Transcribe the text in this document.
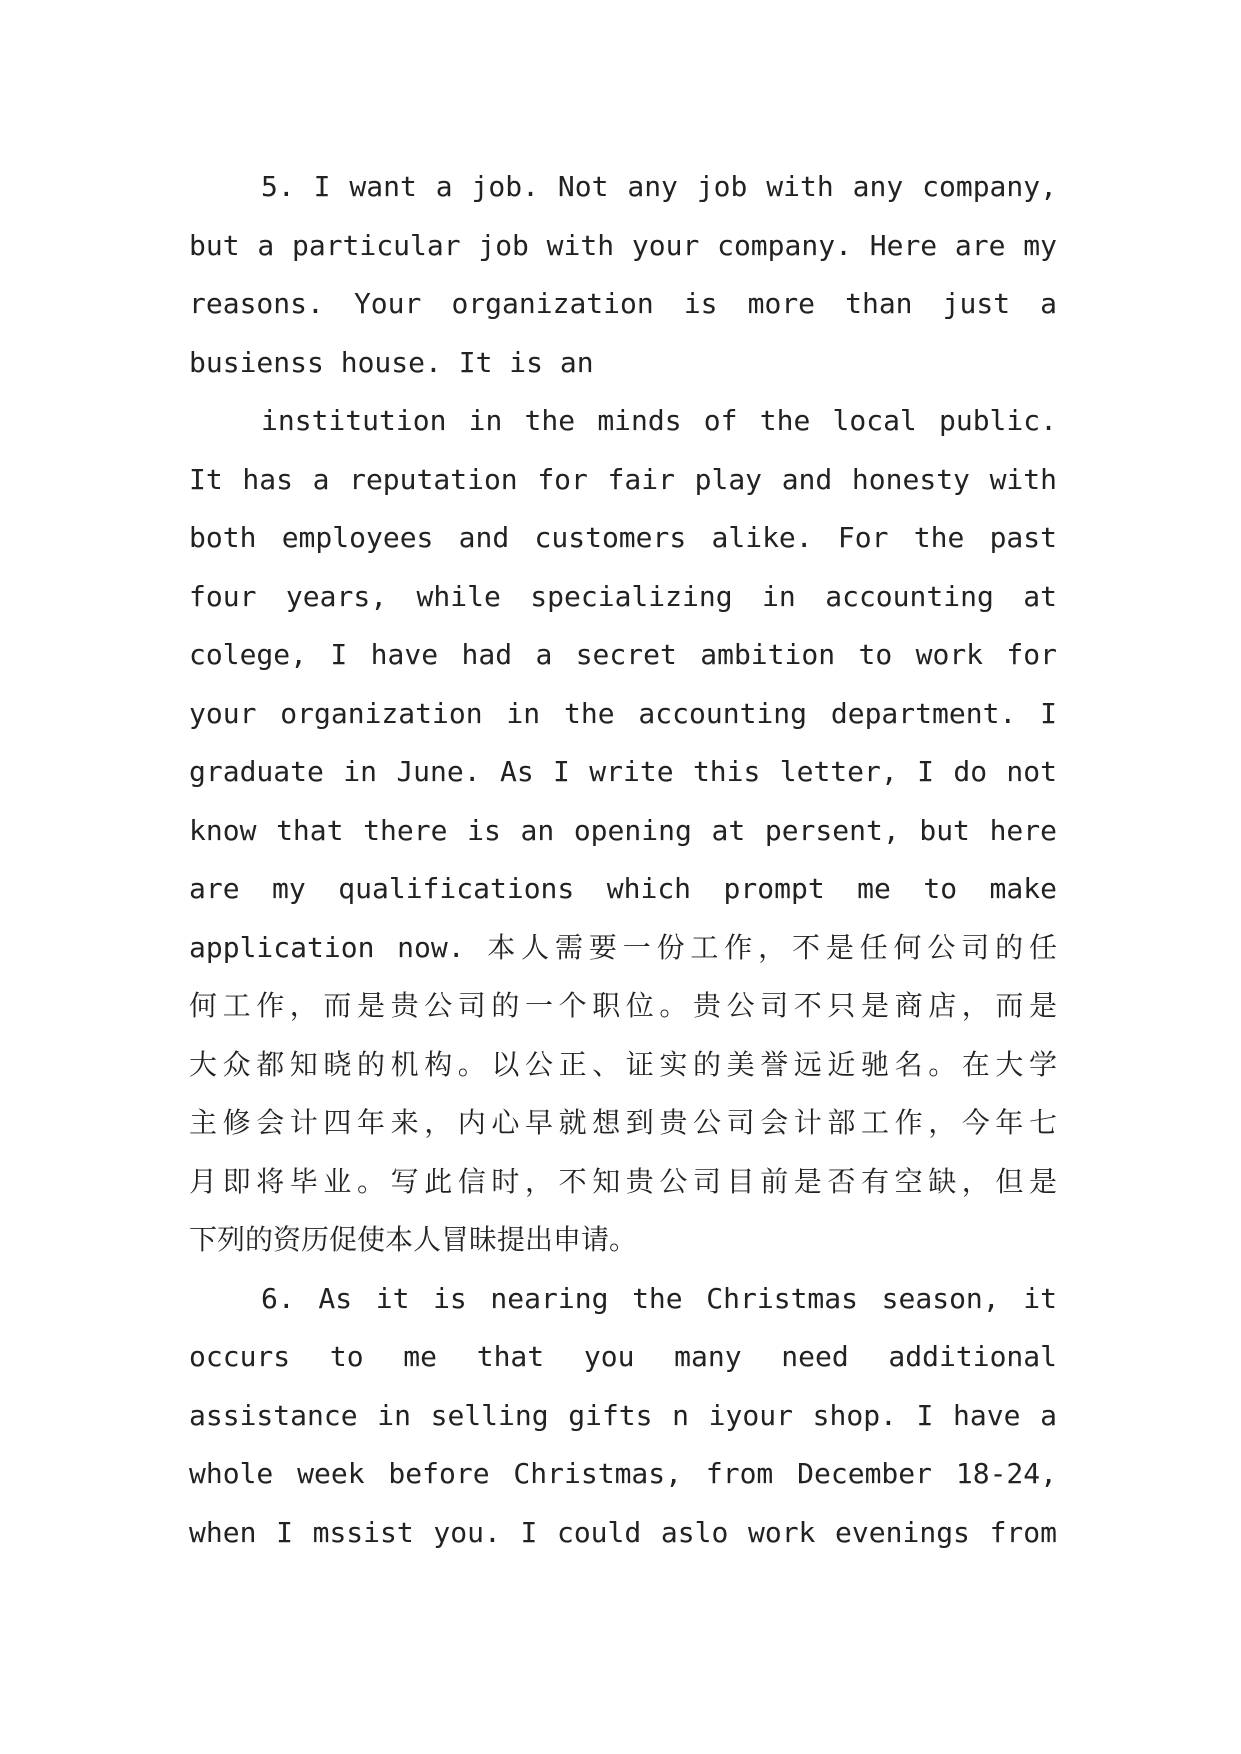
5. I want a job. Not any job with any company,
but a particular job with your company. Here are my
reasons. Your organization is more than just a
busienss house. It is an
institution in the minds of the local public.
It has a reputation for fair play and honesty with
both employees and customers alike. For the past
four years, while specializing in accounting at
colege, I have had a secret ambition to work for
your organization in the accounting department. I
graduate in June. As I write this letter, I do not
know that there is an opening at persent, but here
are my qualifications which prompt me to make
application now. 本人需要一份工作，不是任何公司的任
何工作，而是贵公司的一个职位。贵公司不只是商店，而是
大众都知晓的机构。以公正、证实的美誉远近驰名。在大学
主修会计四年来，内心早就想到贵公司会计部工作，今年七
月即将毕业。写此信时，不知贵公司目前是否有空缺，但是
下列的资历促使本人冒昧提出申请。
6. As it is nearing the Christmas season, it
occurs to me that you many need additional
assistance in selling gifts n iyour shop. I have a
whole week before Christmas, from December 18-24,
when I mssist you. I could aslo work evenings from
